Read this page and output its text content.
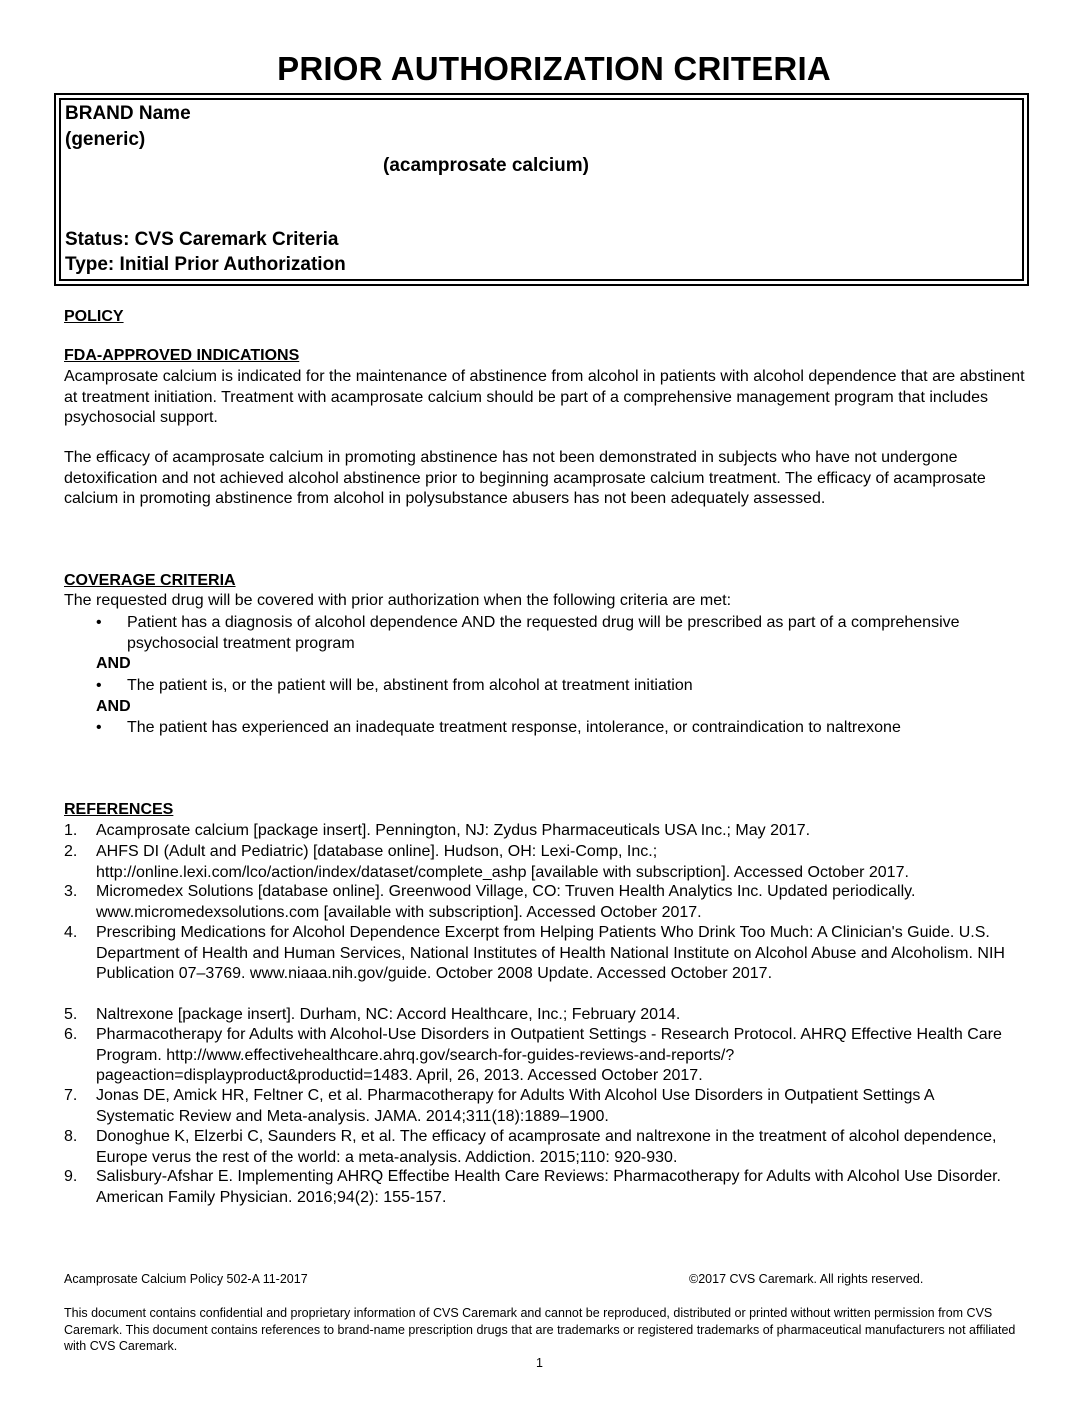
PRIOR AUTHORIZATION CRITERIA
BRAND Name
(generic)
(acamprosate calcium)
Status: CVS Caremark Criteria
Type: Initial Prior Authorization
POLICY
FDA-APPROVED INDICATIONS
Acamprosate calcium is indicated for the maintenance of abstinence from alcohol in patients with alcohol dependence that are abstinent at treatment initiation. Treatment with acamprosate calcium should be part of a comprehensive management program that includes psychosocial support.
The efficacy of acamprosate calcium in promoting abstinence has not been demonstrated in subjects who have not undergone detoxification and not achieved alcohol abstinence prior to beginning acamprosate calcium treatment. The efficacy of acamprosate calcium in promoting abstinence from alcohol in polysubstance abusers has not been adequately assessed.
COVERAGE CRITERIA
The requested drug will be covered with prior authorization when the following criteria are met:
• Patient has a diagnosis of alcohol dependence AND the requested drug will be prescribed as part of a comprehensive psychosocial treatment program
AND
• The patient is, or the patient will be, abstinent from alcohol at treatment initiation
AND
• The patient has experienced an inadequate treatment response, intolerance, or contraindication to naltrexone
REFERENCES
1. Acamprosate calcium [package insert]. Pennington, NJ: Zydus Pharmaceuticals USA Inc.; May 2017.
2. AHFS DI (Adult and Pediatric) [database online]. Hudson, OH: Lexi-Comp, Inc.; http://online.lexi.com/lco/action/index/dataset/complete_ashp [available with subscription]. Accessed October 2017.
3. Micromedex Solutions [database online]. Greenwood Village, CO: Truven Health Analytics Inc. Updated periodically. www.micromedexsolutions.com [available with subscription]. Accessed October 2017.
4. Prescribing Medications for Alcohol Dependence Excerpt from Helping Patients Who Drink Too Much: A Clinician's Guide. U.S. Department of Health and Human Services, National Institutes of Health National Institute on Alcohol Abuse and Alcoholism. NIH Publication 07–3769. www.niaaa.nih.gov/guide. October 2008 Update. Accessed October 2017.
5. Naltrexone [package insert]. Durham, NC: Accord Healthcare, Inc.; February 2014.
6. Pharmacotherapy for Adults with Alcohol-Use Disorders in Outpatient Settings - Research Protocol. AHRQ Effective Health Care Program. http://www.effectivehealthcare.ahrq.gov/search-for-guides-reviews-and-reports/?pageaction=displayproduct&productid=1483. April, 26, 2013. Accessed October 2017.
7. Jonas DE, Amick HR, Feltner C, et al. Pharmacotherapy for Adults With Alcohol Use Disorders in Outpatient Settings A Systematic Review and Meta-analysis. JAMA. 2014;311(18):1889–1900.
8. Donoghue K, Elzerbi C, Saunders R, et al. The efficacy of acamprosate and naltrexone in the treatment of alcohol dependence, Europe verus the rest of the world: a meta-analysis. Addiction. 2015;110: 920-930.
9. Salisbury-Afshar E. Implementing AHRQ Effectibe Health Care Reviews: Pharmacotherapy for Adults with Alcohol Use Disorder. American Family Physician. 2016;94(2): 155-157.
Acamprosate Calcium Policy 502-A 11-2017	©2017 CVS Caremark. All rights reserved.
This document contains confidential and proprietary information of CVS Caremark and cannot be reproduced, distributed or printed without written permission from CVS Caremark. This document contains references to brand-name prescription drugs that are trademarks or registered trademarks of pharmaceutical manufacturers not affiliated with CVS Caremark.
1
